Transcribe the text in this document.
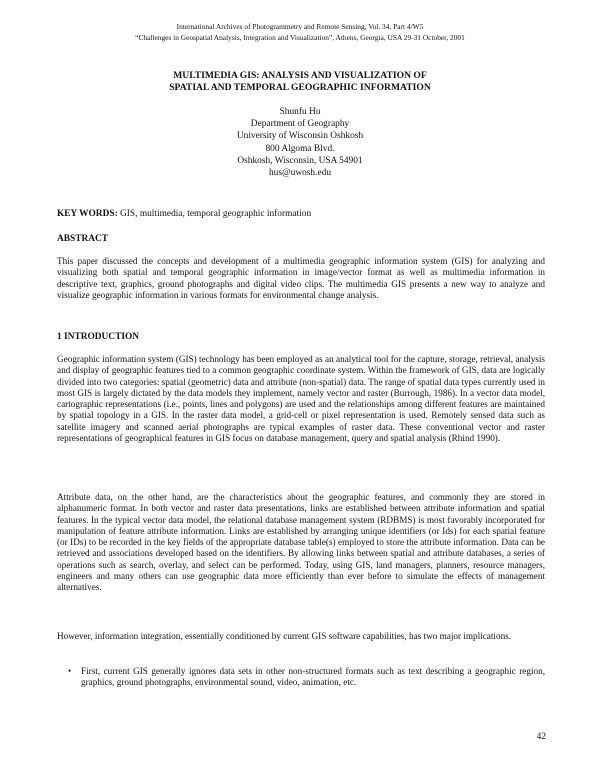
International Archives of Photogrammetry and Remote Sensing, Vol. 34, Part 4/W5
“Challenges in Geospatial Analysis, Integration and Visualization”, Athens, Georgia, USA 29-31 October, 2001
MULTIMEDIA GIS: ANALYSIS AND VISUALIZATION OF
SPATIAL AND TEMPORAL GEOGRAPHIC INFORMATION
Shunfu Hu
Department of Geography
University of Wisconsin Oshkosh
800 Algoma Blvd.
Oshkosh, Wisconsin, USA 54901
hus@uwosh.edu
KEY WORDS: GIS, multimedia, temporal geographic information
ABSTRACT

This paper discussed the concepts and development of a multimedia geographic information system (GIS) for analyzing and visualizing both spatial and temporal geographic information in image/vector format as well as multimedia information in descriptive text, graphics, ground photographs and digital video clips. The multimedia GIS presents a new way to analyze and visualize geographic information in various formats for environmental change analysis.

1 INTRODUCTION

Geographic information system (GIS) technology has been employed as an analytical tool for the capture, storage, retrieval, analysis and display of geographic features tied to a common geographic coordinate system. Within the framework of GIS, data are logically divided into two categories: spatial (geometric) data and attribute (non-spatial) data. The range of spatial data types currently used in most GIS is largely dictated by the data models they implement, namely vector and raster (Burrough, 1986). In a vector data model, cartographic representations (i.e., points, lines and polygons) are used and the relationships among different features are maintained by spatial topology in a GIS. In the raster data model, a grid-cell or pixel representation is used. Remotely sensed data such as satellite imagery and scanned aerial photographs are typical examples of raster data. These conventional vector and raster representations of geographical features in GIS focus on database management, query and spatial analysis (Rhind 1990).

Attribute data, on the other hand, are the characteristics about the geographic features, and commonly they are stored in alphanumeric format. In both vector and raster data presentations, links are established between attribute information and spatial features. In the typical vector data model, the relational database management system (RDBMS) is most favorably incorporated for manipulation of feature attribute information. Links are established by arranging unique identifiers (or Ids) for each spatial feature (or IDs) to be recorded in the key fields of the appropriate database table(s) employed to store the attribute information. Data can be retrieved and associations developed based on the identifiers. By allowing links between spatial and attribute databases, a series of operations such as search, overlay, and select can be performed. Today, using GIS, land managers, planners, resource managers, engineers and many others can use geographic data more efficiently than ever before to simulate the effects of management alternatives.

However, information integration, essentially conditioned by current GIS software capabilities, has two major implications.

• First, current GIS generally ignores data sets in other non-structured formats such as text describing a geographic region, graphics, ground photographs, environmental sound, video, animation, etc.
42
